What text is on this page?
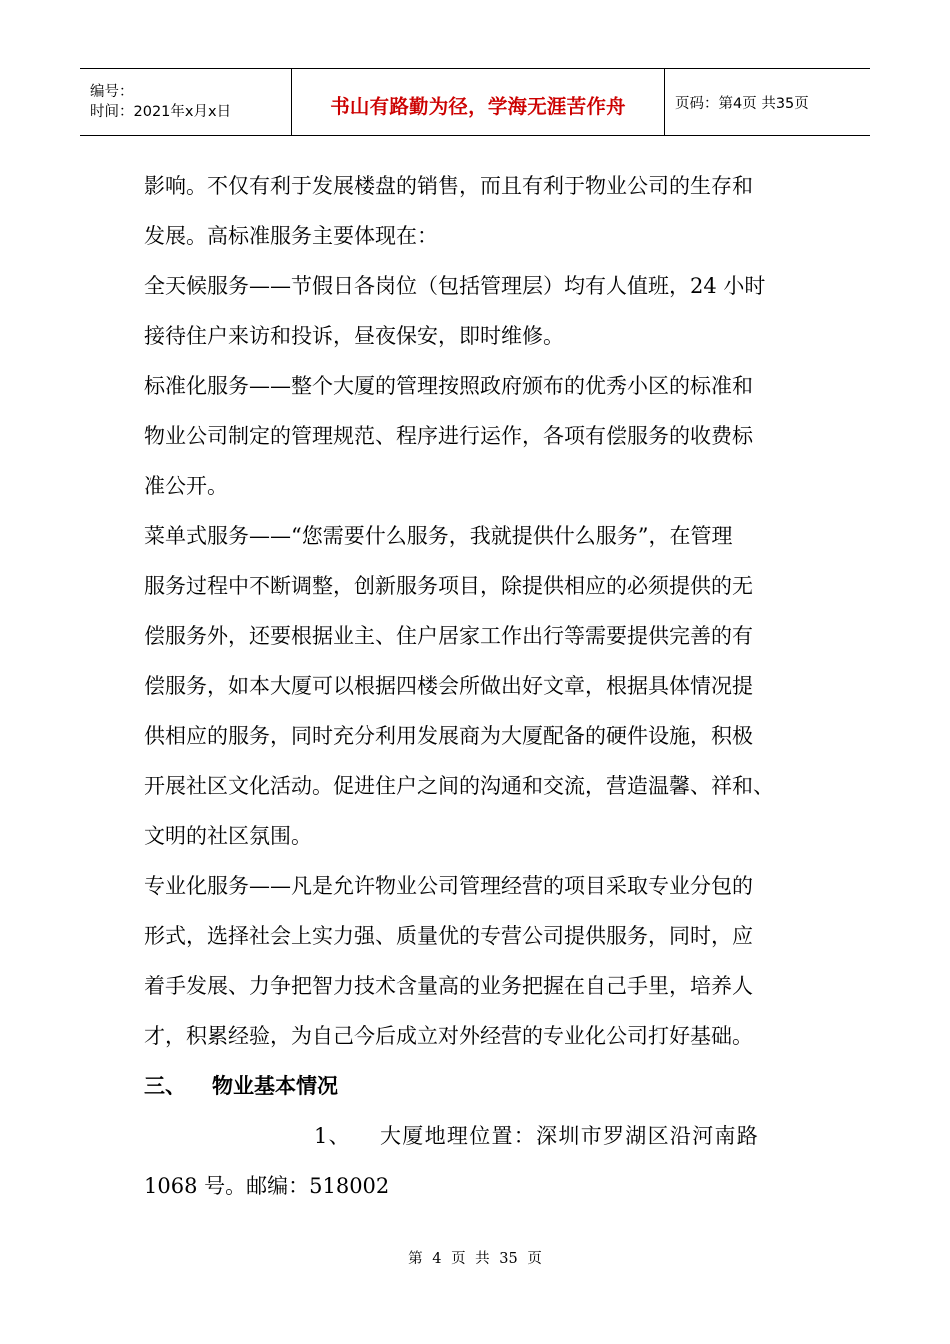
编号：
时间：2021年x月x日	书山有路勤为径，学海无涯苦作舟	页码：第4页 共35页

影响。不仅有利于发展楼盘的销售，而且有利于物业公司的生存和

发展。高标准服务主要体现在：

全天候服务——节假日各岗位（包括管理层）均有人值班，24 小时

接待住户来访和投诉，昼夜保安，即时维修。

标准化服务——整个大厦的管理按照政府颁布的优秀小区的标准和

物业公司制定的管理规范、程序进行运作，各项有偿服务的收费标

准公开。

菜单式服务——“您需要什么服务，我就提供什么服务”，在管理

服务过程中不断调整，创新服务项目，除提供相应的必须提供的无

偿服务外，还要根据业主、住户居家工作出行等需要提供完善的有

偿服务，如本大厦可以根据四楼会所做出好文章，根据具体情况提

供相应的服务，同时充分利用发展商为大厦配备的硬件设施，积极

开展社区文化活动。促进住户之间的沟通和交流，营造温馨、祥和、

文明的社区氛围。

专业化服务——凡是允许物业公司管理经营的项目采取专业分包的

形式，选择社会上实力强、质量优的专营公司提供服务，同时，应

着手发展、力争把智力技术含量高的业务把握在自己手里，培养人

才，积累经验，为自己今后成立对外经营的专业化公司打好基础。

三、	物业基本情况
1、	大厦地理位置：深圳市罗湖区沿河南路

1068 号。邮编：518002

第 4 页 共 35 页
